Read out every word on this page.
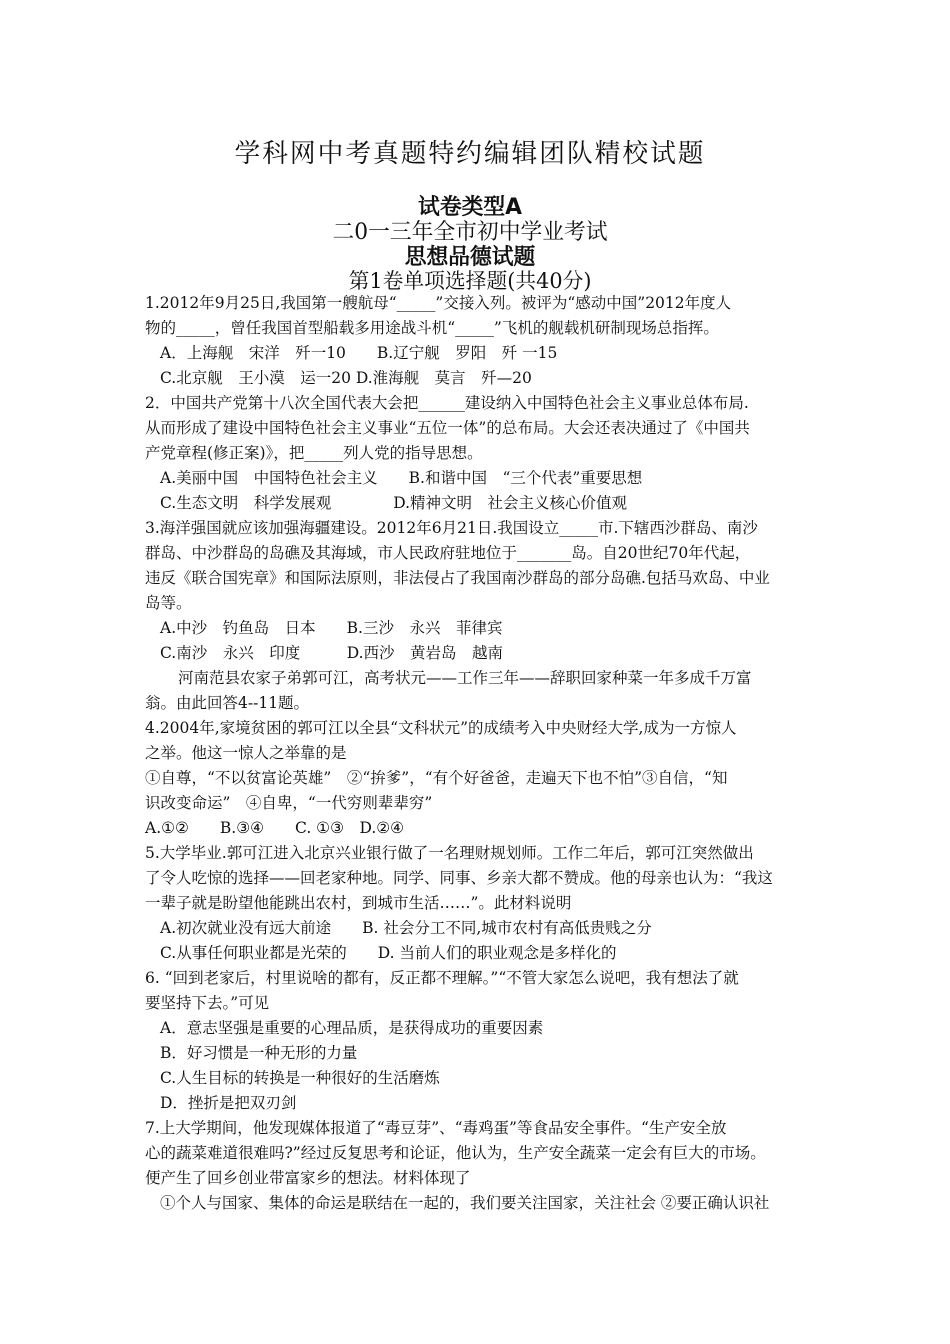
学科网中考真题特约编辑团队精校试题
试卷类型A
二0一三年全市初中学业考试
思想品德试题
第1卷单项选择题(共40分)
1.2012年9月25日,我国第一艘航母“_____”交接入列。被评为“感动中国”2012年度人
物的_____，曾任我国首型船载多用途战斗机“_____”飞机的舰载机研制现场总指挥。
A．上海舰　宋洋　歼一10　　B.辽宁舰　罗阳　歼 一15
C.北京舰　王小漠　运一20 D.淮海舰　莫言　歼—20
2．中国共产党第十八次全国代表大会把______建设纳入中国特色社会主义事业总体布局.
从而形成了建设中国特色社会主义事业“五位一体”的总布局。大会还表决通过了《中国共
产党章程(修正案)》，把_____列人党的指导思想。
A.美丽中国　中国特色社会主义　　B.和谐中国　“三个代表”重要思想
C.生态文明　科学发展观　　　　D.精神文明　社会主义核心价值观
3.海洋强国就应该加强海疆建设。2012年6月21日.我国设立_____市.下辖西沙群岛、南沙
群岛、中沙群岛的岛礁及其海域，市人民政府驻地位于_______岛。自20世纪70年代起，
违反《联合国宪章》和国际法原则，非法侵占了我国南沙群岛的部分岛礁.包括马欢岛、中业
岛等。
A.中沙　钓鱼岛　日本　　B.三沙　永兴　菲律宾
C.南沙　永兴　印度　　　D.西沙　黄岩岛　越南
河南范县农家子弟郭可江，高考状元——工作三年——辞职回家种菜一年多成千万富
翁。由此回答4--11题。
4.2004年,家境贫困的郭可江以全县“文科状元”的成绩考入中央财经大学,成为一方惊人
之举。他这一惊人之举靠的是
①自尊，“不以贫富论英雄”　②“拚爹”，“有个好爸爸，走遍天下也不怕”③自信，“知
识改变命运”　④自卑，“一代穷则辈辈穷”
A.①②　　B.③④　　C. ①③　D.②④
5.大学毕业.郭可江进入北京兴业银行做了一名理财规划师。工作二年后，郭可江突然做出
了令人吃惊的选择——回老家种地。同学、同事、乡亲大都不赞成。他的母亲也认为：“我这
一辈子就是盼望他能跳出农村，到城市生活……”。此材料说明
A.初次就业没有远大前途　　B. 社会分工不同,城市农村有高低贵贱之分
C.从事任何职业都是光荣的　　D. 当前人们的职业观念是多样化的
6. “回到老家后，村里说啥的都有，反正都不理解。”“不管大家怎么说吧，我有想法了就
要坚持下去。”可见
A．意志坚强是重要的心理品质，是获得成功的重要因素
B．好习惯是一种无形的力量
C.人生目标的转换是一种很好的生活磨炼
D．挫折是把双刃剑
7.上大学期间，他发现媒体报道了“毒豆芽”、“毒鸡蛋”等食品安全事件。“生产安全放
心的蔬菜难道很难吗?”经过反复思考和论证，他认为，生产安全蔬菜一定会有巨大的市场。
便产生了回乡创业带富家乡的想法。材料体现了
①个人与国家、集体的命运是联结在一起的，我们要关注国家，关注社会 ②要正确认识社
